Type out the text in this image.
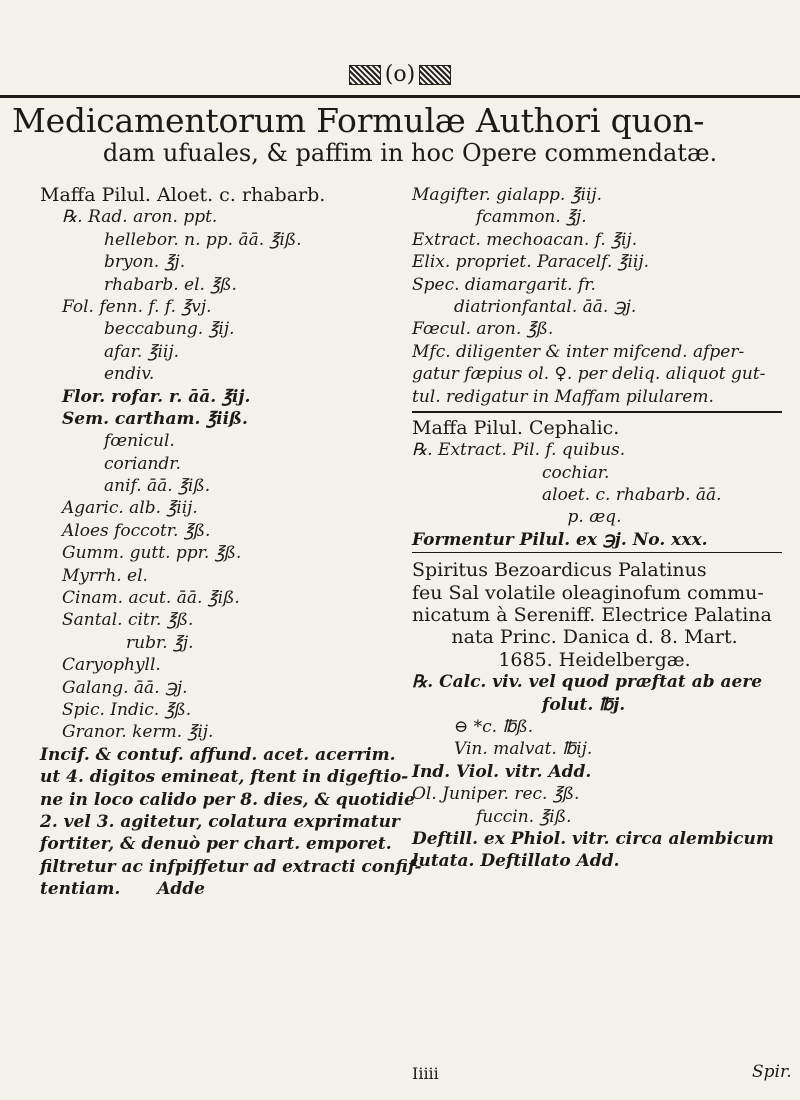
(o)
Medicamentorum Formulæ Authori quon-
dam ufuales, & paffim in hoc Opere commendatæ.
Maffa Pilul. Aloet. c. rhabarb.
℞. Rad. aron. ppt.
hellebor. n. pp. āā. ℥iß.
bryon. ℥j.
rhabarb. el. ℥ß.
Fol. fenn. f. f. ℥vj.
beccabung. ℥ij.
afar. ℥iij.
endiv.
Flor. rofar. r. āā. ℥ij.
Sem. cartham. ℥iiß.
fœnicul.
coriandr.
anif. āā. ℥iß.
Agaric. alb. ℥iij.
Aloes foccotr. ℥ß.
Gumm. gutt. ppr. ℥ß.
Myrrh. el.
Cinam. acut. āā. ℥iß.
Santal. citr. ℥ß.
rubr. ℥j.
Caryophyll.
Galang. āā. ℈j.
Spic. Indic. ℥ß.
Granor. kerm. ℥ij.
Incif. & contuf. affund. acet. acerrim.
ut 4. digitos emineat, ftent in digeftio-
ne in loco calido per 8. dies, & quotidie
2. vel 3. agitetur, colatura exprimatur
fortiter, & denuò per chart. emporet.
filtretur ac infpiffetur ad extracti confif-
tentiam. Adde
Magifter. gialapp. ℥iij.
fcammon. ℥j.
Extract. mechoacan. f. ℥ij.
Elix. propriet. Paracelf. ℥iij.
Spec. diamargarit. fr.
diatrionfantal. āā. ℈j.
Fœcul. aron. ℥ß.
Mfc. diligenter & inter mifcend. afper-
gatur fæpius ol. ♀. per deliq. aliquot gut-
tul. redigatur in Maffam pilularem.
Maffa Pilul. Cephalic.
℞. Extract. Pil. f. quibus.
cochiar.
aloet. c. rhabarb. āā.
p. æq.
Formentur Pilul. ex ℈j. No. xxx.
Spiritus Bezoardicus Palatinus
feu Sal volatile oleaginofum commu-
nicatum à Sereniff. Electrice Palatina
nata Princ. Danica d. 8. Mart.
1685. Heidelbergæ.
℞. Calc. viv. vel quod præftat ab aere
folut. ℔j.
⊖ *c. ℔ß.
Vin. malvat. ℔ij.
Ind. Viol. vitr. Add.
Ol. Juniper. rec. ℥ß.
fuccin. ℥iß.
Deftill. ex Phiol. vitr. circa alembicum
lutata. Deftillato Add.
Iiiii	Spir.
